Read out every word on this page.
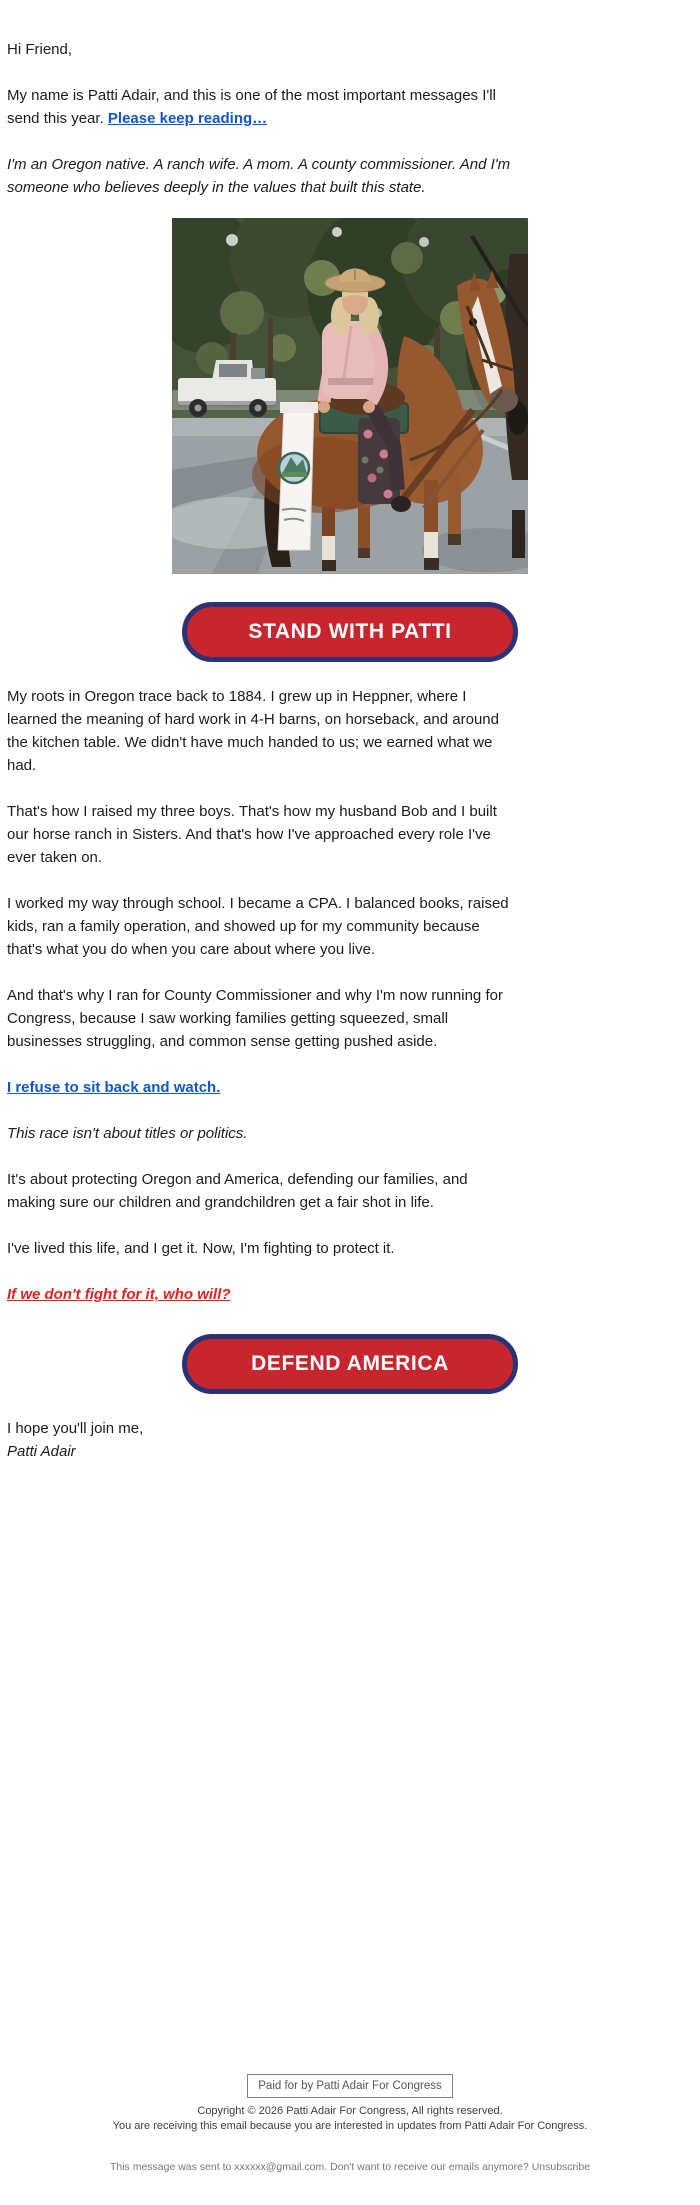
Hi Friend,

My name is Patti Adair, and this is one of the most important messages I'll send this year. Please keep reading…

I'm an Oregon native. A ranch wife. A mom. A county commissioner. And I'm someone who believes deeply in the values that built this state.

STAND WITH PATTI

My roots in Oregon trace back to 1884. I grew up in Heppner, where I learned the meaning of hard work in 4-H barns, on horseback, and around the kitchen table. We didn't have much handed to us; we earned what we had.

That's how I raised my three boys. That's how my husband Bob and I built our horse ranch in Sisters. And that's how I've approached every role I've ever taken on.

I worked my way through school. I became a CPA. I balanced books, raised kids, ran a family operation, and showed up for my community because that's what you do when you care about where you live.

And that's why I ran for County Commissioner and why I'm now running for Congress, because I saw working families getting squeezed, small businesses struggling, and common sense getting pushed aside.

I refuse to sit back and watch.

This race isn't about titles or politics.

It's about protecting Oregon and America, defending our families, and making sure our children and grandchildren get a fair shot in life.

I've lived this life, and I get it. Now, I'm fighting to protect it.

If we don't fight for it, who will?

DEFEND AMERICA

I hope you'll join me,
Patti Adair

Paid for by Patti Adair For Congress
Copyright © 2026 Patti Adair For Congress, All rights reserved.
You are receiving this email because you are interested in updates from Patti Adair For Congress.
This message was sent to xxxxxx@gmail.com. Don't want to receive our emails anymore? Unsubscribe
